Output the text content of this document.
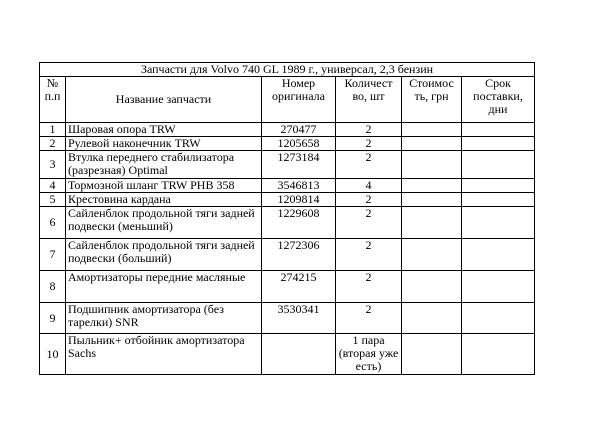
Запчасти для Volvo 740 GL 1989 г., универсал, 2,3 бензин					
№ п.п	Название запчасти	Номер оригинала	Количест во, шт	Стоимос ть, грн	Срок поставки, дни
1	Шаровая опора TRW	270477	2		
2	Рулевой наконечник TRW	1205658	2		
3	Втулка переднего стабилизатора (разрезная) Optimal	1273184	2		
4	Тормозной шланг TRW PHB 358	3546813	4		
5	Крестовина кардана	1209814	2		
6	Сайленблок продольной тяги задней подвески (меньший)	1229608	2		
7	Сайленблок продольной тяги задней подвески (больший)	1272306	2		
8	Амортизаторы передние масляные	274215	2		
9	Подшипник амортизатора (без тарелки) SNR	3530341	2		
10	Пыльник+ отбойник амортизатора Sachs		1 пара (вторая уже есть)		
